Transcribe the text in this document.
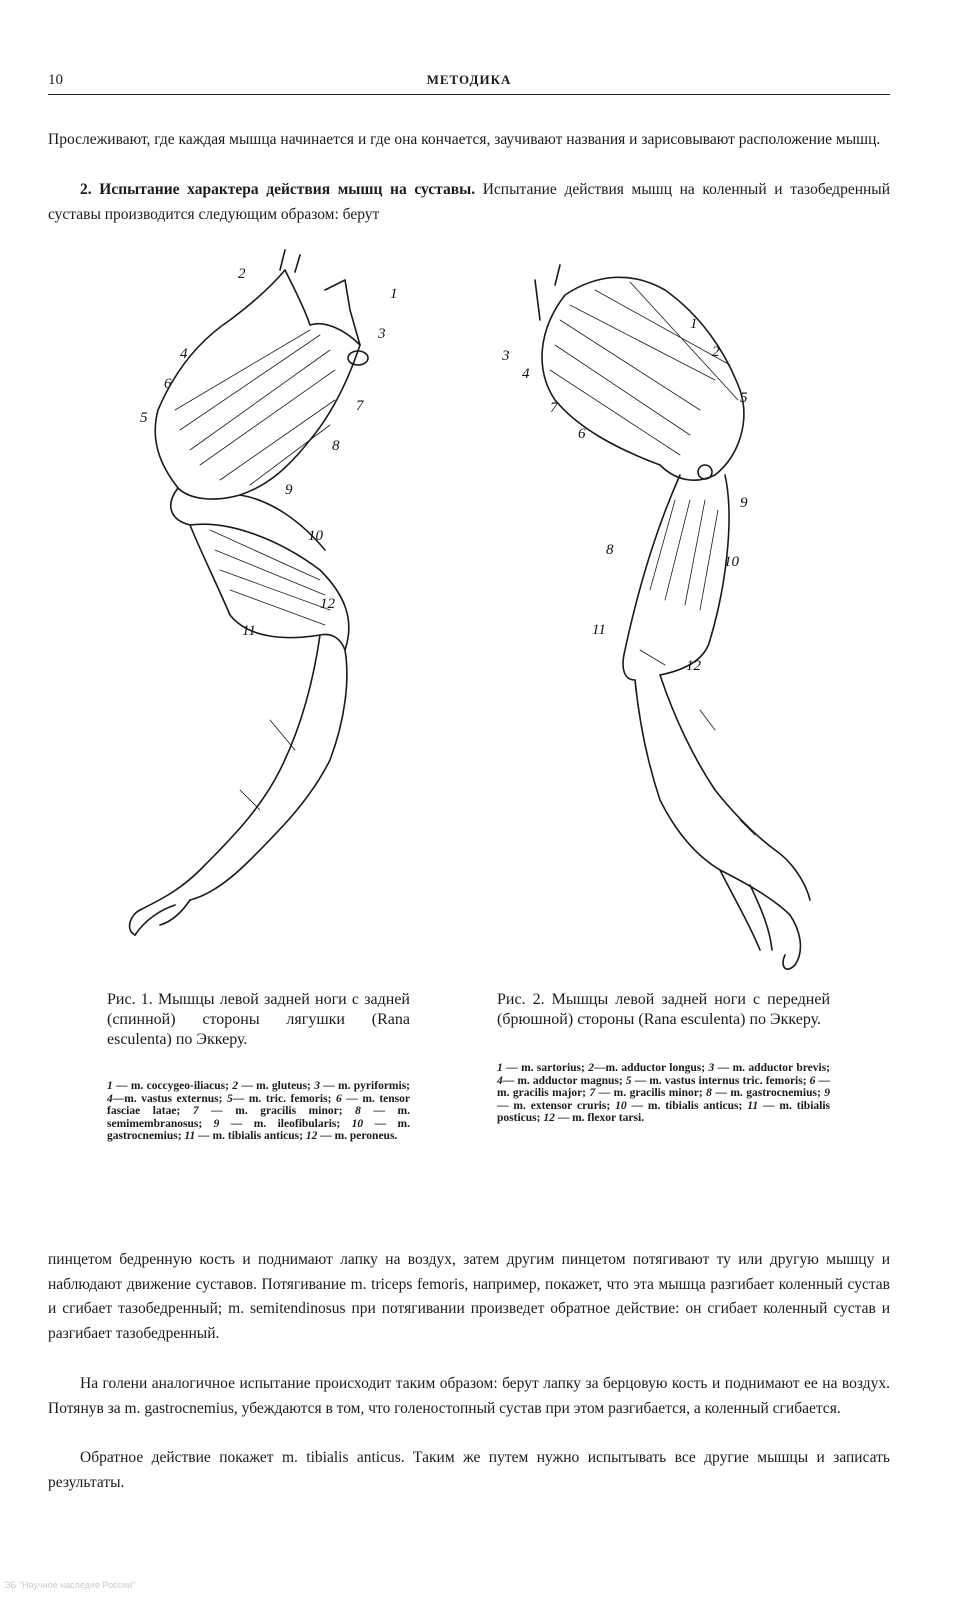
10	МЕТОДИКА
Прослеживают, где каждая мышца начинается и где она кончается, заучивают названия и зарисовывают расположение мышц.
2. Испытание характера действия мышц на суставы. Испытание действия мышц на коленный и тазобедренный суставы производится следующим образом: берут
2
1
3
4
6
5
7
8
9
10
12
11
1
2
3
4
5
7
6
9
8
10
11
12
Рис. 1. Мышцы левой задней ноги с задней (спинной) стороны лягушки (Rana esculenta) по Эккеру.
1 — m. coccygeo-iliacus; 2 — m. gluteus; 3 — m. pyriformis; 4—m. vastus externus; 5— m. tric. femoris; 6 — m. tensor fasciae latae; 7 — m. gracilis minor; 8 — m. semimembranosus; 9 — m. ileofibularis; 10 — m. gastrocnemius; 11 — m. tibialis anticus; 12 — m. peroneus.
Рис. 2. Мышцы левой задней ноги с передней (брюшной) стороны (Rana esculenta) по Эккеру.
1 — m. sartorius; 2—m. adductor longus; 3 — m. adductor brevis; 4— m. adductor magnus; 5 — m. vastus internus tric. femoris; 6 — m. gracilis major; 7 — m. gracilis minor; 8 — m. gastrocnemius; 9— m. extensor cruris; 10 — m. tibialis anticus; 11 — m. tibialis posticus; 12 — m. flexor tarsi.
пинцетом бедренную кость и поднимают лапку на воздух, затем другим пинцетом потягивают ту или другую мышцу и наблюдают движение суставов. Потягивание m. triceps femoris, например, покажет, что эта мышца разгибает коленный сустав и сгибает тазобедренный; m. semitendinosus при потягивании произведет обратное действие: он сгибает коленный сустав и разгибает тазобедренный.
На голени аналогичное испытание происходит таким образом: берут лапку за берцовую кость и поднимают ее на воздух. Потянув за m. gastrocnemius, убеждаются в том, что голеностопный сустав при этом разгибается, а коленный сгибается.
Обратное действие покажет m. tibialis anticus. Таким же путем нужно испытывать все другие мышцы и записать результаты.
ЭБ "Научное наследие России"
